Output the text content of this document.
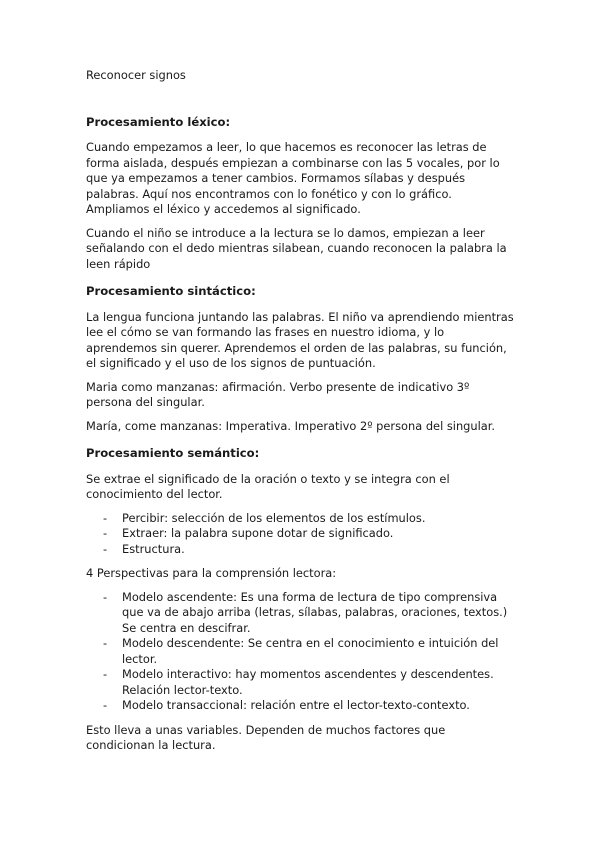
Reconocer signos
Procesamiento léxico:

Cuando empezamos a leer, lo que hacemos es reconocer las letras de forma aislada, después empiezan a combinarse con las 5 vocales, por lo que ya empezamos a tener cambios. Formamos sílabas y después palabras. Aquí nos encontramos con lo fonético y con lo gráfico. Ampliamos el léxico y accedemos al significado.

Cuando el niño se introduce a la lectura se lo damos, empiezan a leer señalando con el dedo mientras silabean, cuando reconocen la palabra la leen rápido

Procesamiento sintáctico:

La lengua funciona juntando las palabras. El niño va aprendiendo mientras lee el cómo se van formando las frases en nuestro idioma, y lo aprendemos sin querer. Aprendemos el orden de las palabras, su función, el significado y el uso de los signos de puntuación.

Maria como manzanas: afirmación. Verbo presente de indicativo 3º persona del singular.

María, come manzanas: Imperativa. Imperativo 2º persona del singular.

Procesamiento semántico:

Se extrae el significado de la oración o texto y se integra con el conocimiento del lector.

- Percibir: selección de los elementos de los estímulos.
- Extraer: la palabra supone dotar de significado.
- Estructura.

4 Perspectivas para la comprensión lectora:

- Modelo ascendente: Es una forma de lectura de tipo comprensiva que va de abajo arriba (letras, sílabas, palabras, oraciones, textos.) Se centra en descifrar.
- Modelo descendente: Se centra en el conocimiento e intuición del lector.
- Modelo interactivo: hay momentos ascendentes y descendentes. Relación lector-texto.
- Modelo transaccional: relación entre el lector-texto-contexto.

Esto lleva a unas variables. Dependen de muchos factores que condicionan la lectura.
